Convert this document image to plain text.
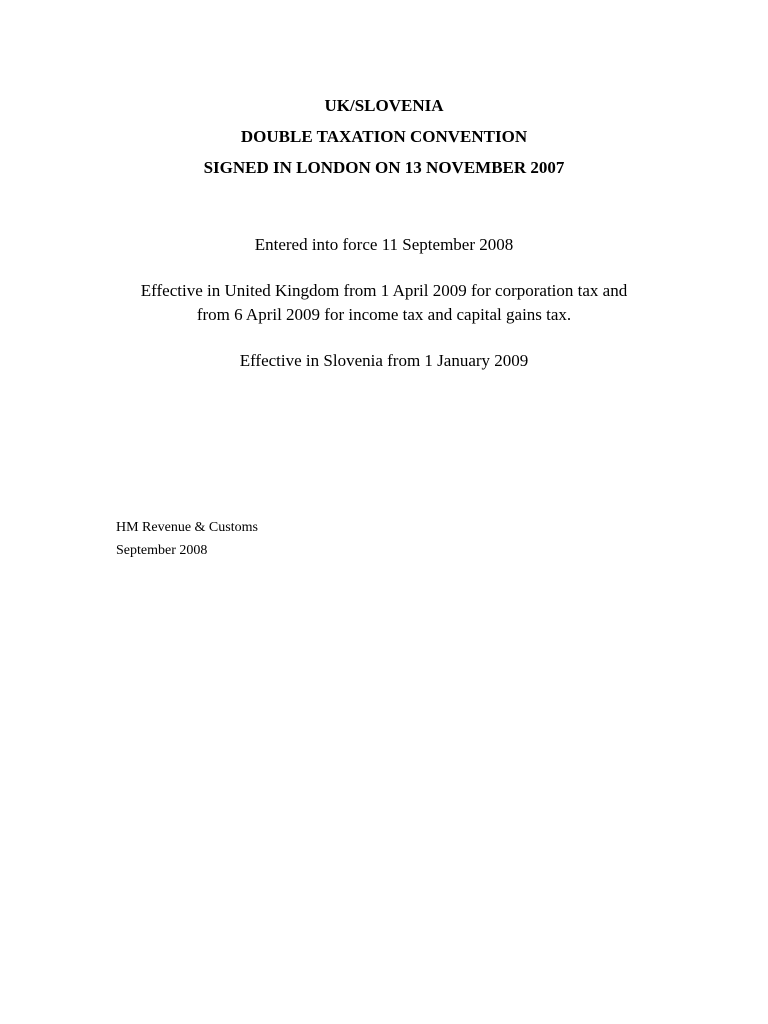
UK/SLOVENIA
DOUBLE TAXATION CONVENTION
SIGNED IN LONDON ON 13 NOVEMBER 2007
Entered into force 11 September 2008
Effective in United Kingdom from 1 April 2009 for corporation tax and
from 6 April 2009 for income tax and capital gains tax.
Effective in Slovenia from 1 January 2009
HM Revenue & Customs
September 2008
